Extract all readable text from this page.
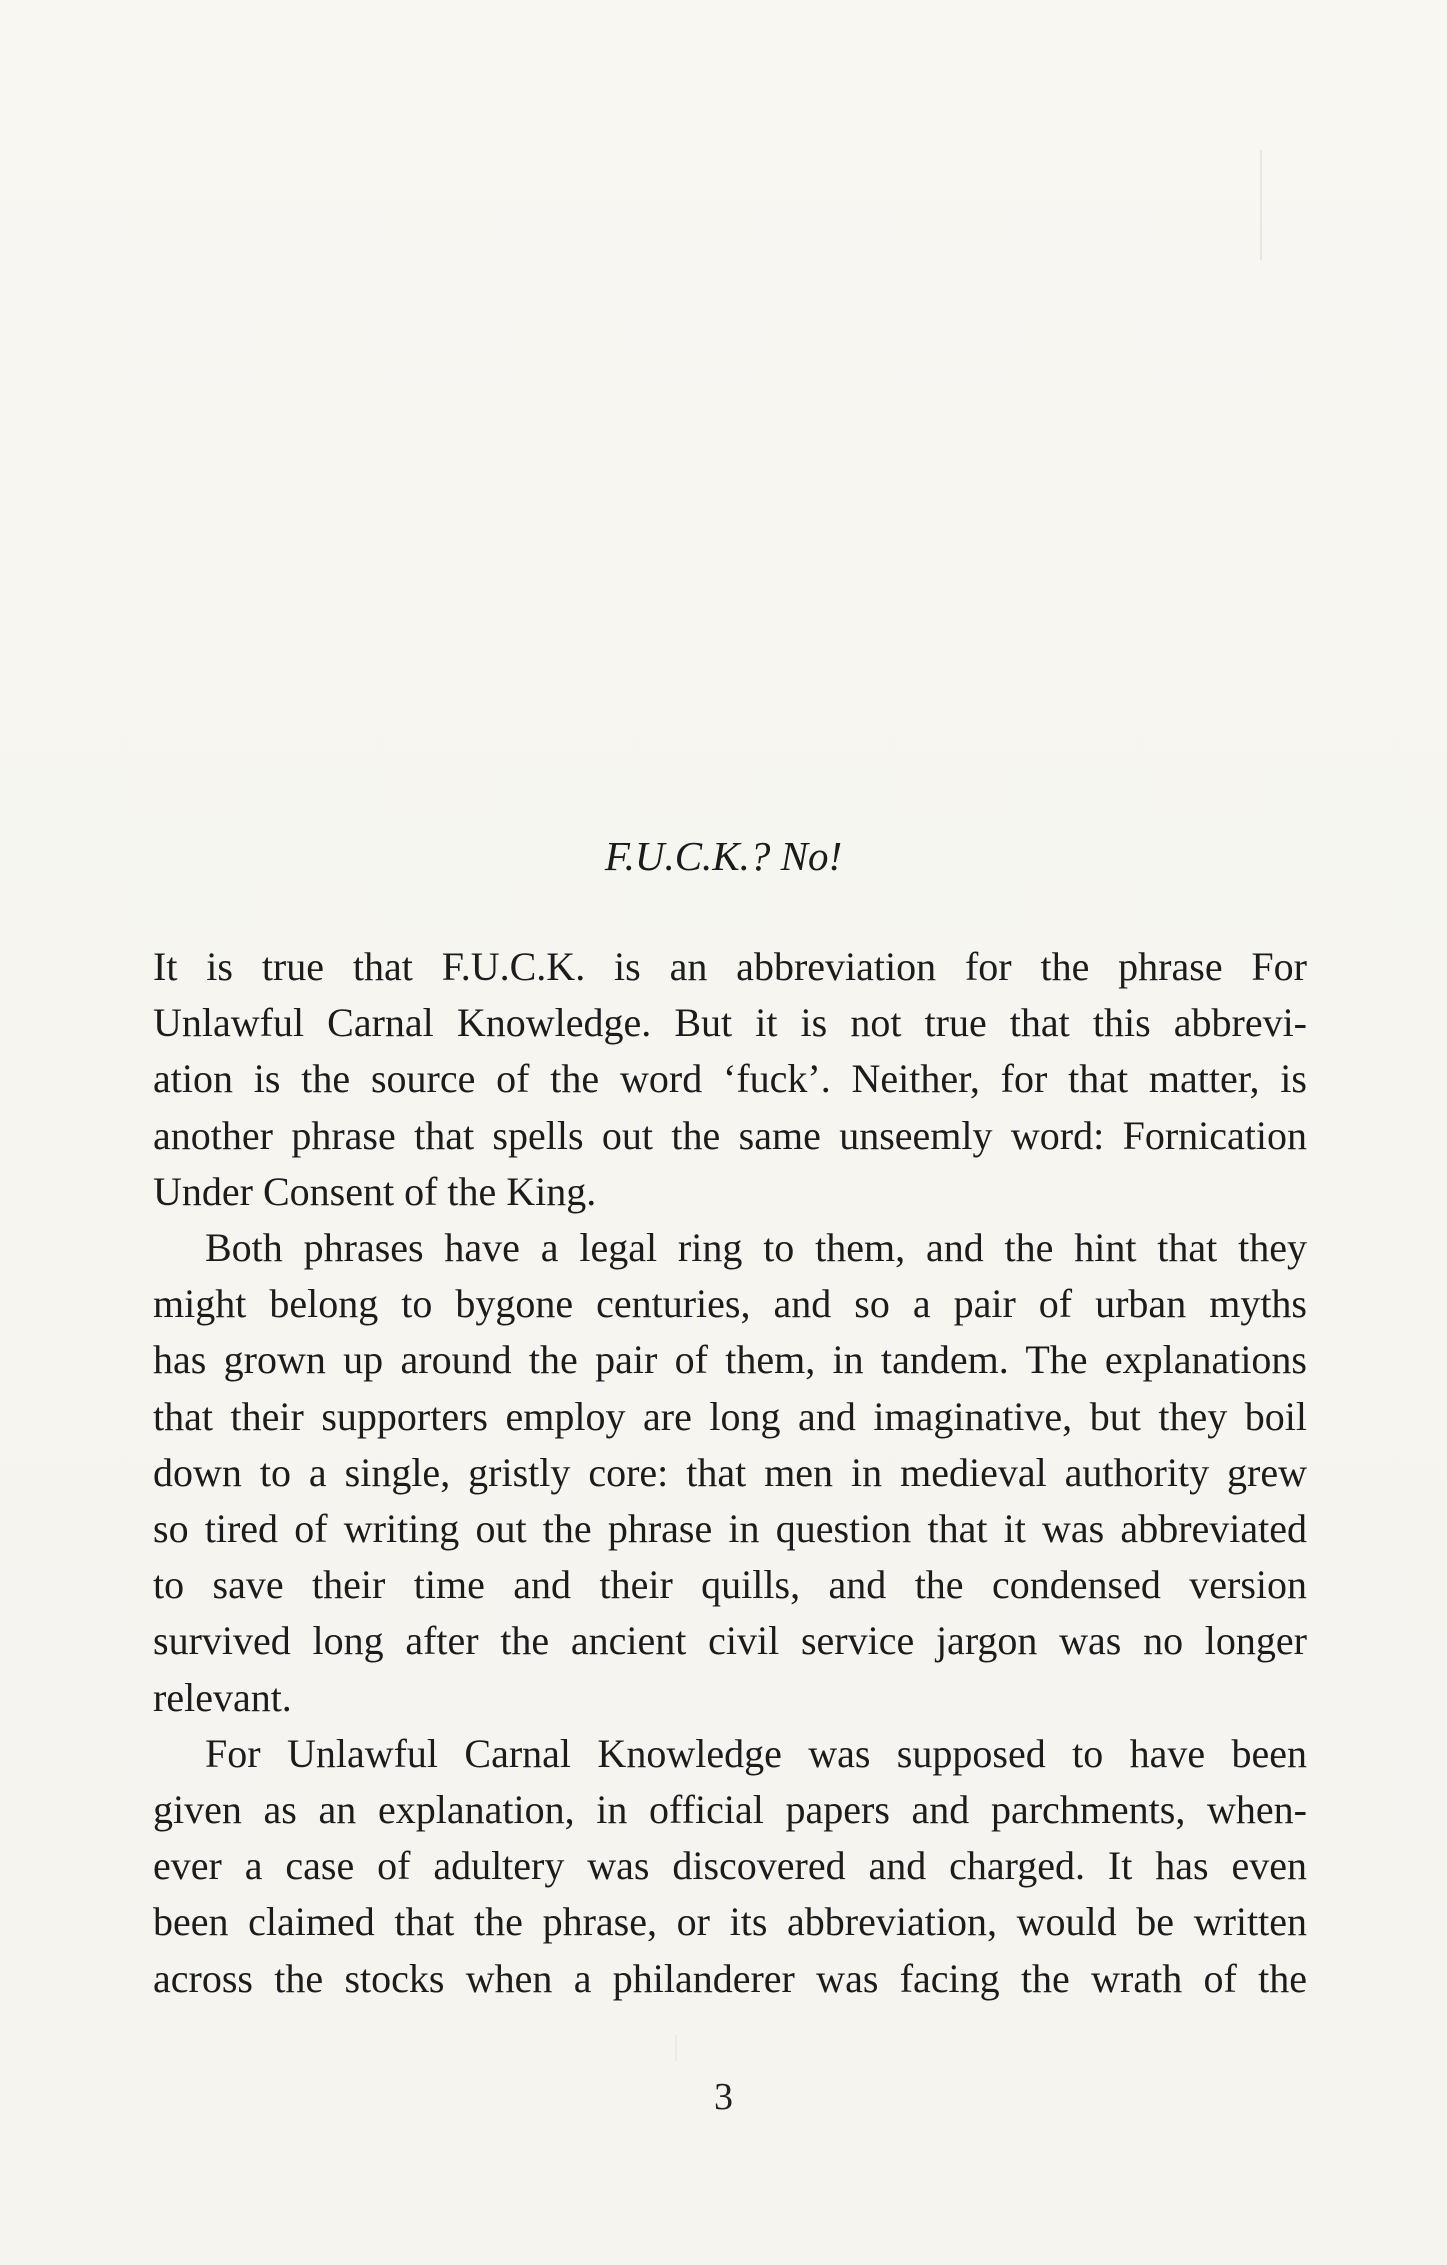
F.U.C.K.? No!

It is true that F.U.C.K. is an abbreviation for the phrase For
Unlawful Carnal Knowledge. But it is not true that this abbrevi-
ation is the source of the word ‘fuck’. Neither, for that matter, is
another phrase that spells out the same unseemly word: Fornication
Under Consent of the King.

Both phrases have a legal ring to them, and the hint that they
might belong to bygone centuries, and so a pair of urban myths
has grown up around the pair of them, in tandem. The explanations
that their supporters employ are long and imaginative, but they boil
down to a single, gristly core: that men in medieval authority grew
so tired of writing out the phrase in question that it was abbreviated
to save their time and their quills, and the condensed version
survived long after the ancient civil service jargon was no longer
relevant.

For Unlawful Carnal Knowledge was supposed to have been
given as an explanation, in official papers and parchments, when-
ever a case of adultery was discovered and charged. It has even
been claimed that the phrase, or its abbreviation, would be written
across the stocks when a philanderer was facing the wrath of the

3
